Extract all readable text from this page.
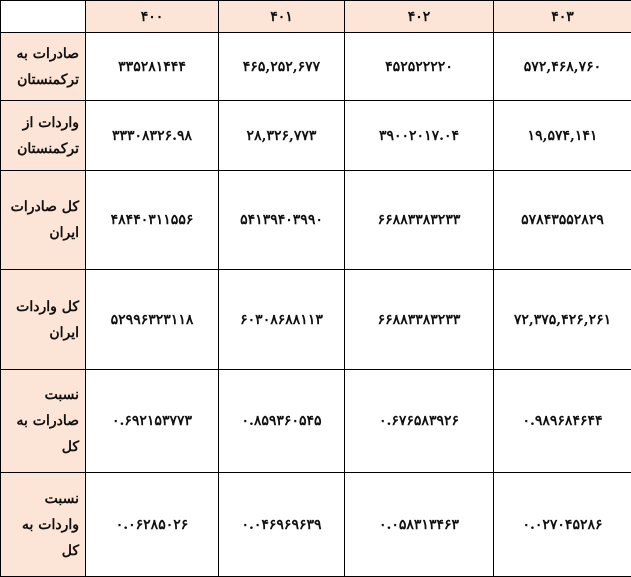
	۴۰۰	۴۰۱	۴۰۲	۴۰۳
صادرات به ترکمنستان	۳۳۵۲۸۱۴۴۴	۴۶۵,۲۵۲,۶۷۷	۴۵۲۵۲۲۲۲۰	۵۷۲,۴۶۸,۷۶۰
واردات از ترکمنستان	۳۳۳۰۸۳۲۶.۹۸	۲۸,۳۲۶,۷۷۳	۳۹۰۰۲۰۱۷.۰۴	۱۹,۵۷۴,۱۴۱
کل صادرات ایران	۴۸۴۴۰۳۱۱۵۵۶	۵۴۱۳۹۴۰۳۹۹۰	۶۶۸۸۳۳۸۳۲۳۳	۵۷۸۴۳۵۵۲۸۲۹
کل واردات ایران	۵۲۹۹۶۳۲۳۱۱۸	۶۰۳۰۸۶۸۸۱۱۳	۶۶۸۸۳۳۸۳۲۳۳	۷۲,۳۷۵,۴۲۶,۲۶۱
نسبت صادرات به کل	۰.۶۹۲۱۵۳۷۷۳	۰.۸۵۹۳۶۰۵۴۵	۰.۶۷۶۵۸۳۹۲۶	۰.۹۸۹۶۸۴۶۴۴
نسبت واردات به کل	۰.۰۶۲۸۵۰۲۶	۰.۰۴۶۹۶۹۶۳۹	۰.۰۵۸۳۱۳۴۶۳	۰.۰۲۷۰۴۵۲۸۶
